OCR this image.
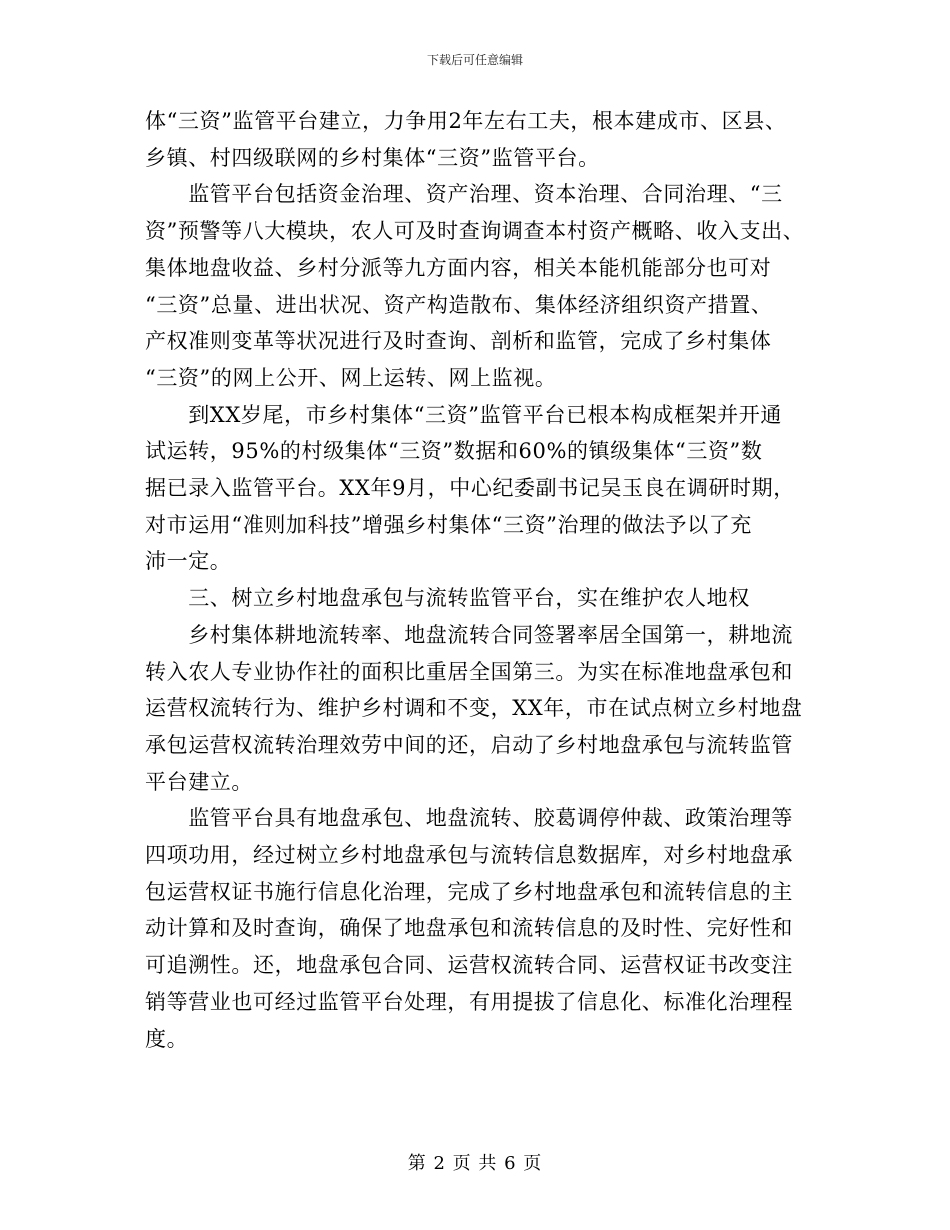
下载后可任意编辑

体“三资”监管平台建立，力争用2年左右工夫，根本建成市、区县、
乡镇、村四级联网的乡村集体“三资”监管平台。

　　监管平台包括资金治理、资产治理、资本治理、合同治理、“三
资”预警等八大模块，农人可及时查询调查本村资产概略、收入支出、
集体地盘收益、乡村分派等九方面内容，相关本能机能部分也可对
“三资”总量、进出状况、资产构造散布、集体经济组织资产措置、
产权准则变革等状况进行及时查询、剖析和监管，完成了乡村集体
“三资”的网上公开、网上运转、网上监视。

　　到XX岁尾，市乡村集体“三资”监管平台已根本构成框架并开通
试运转，95%的村级集体“三资”数据和60%的镇级集体“三资”数
据已录入监管平台。XX年9月，中心纪委副书记吴玉良在调研时期，
对市运用“准则加科技”增强乡村集体“三资”治理的做法予以了充
沛一定。

　　三、树立乡村地盘承包与流转监管平台，实在维护农人地权

　　乡村集体耕地流转率、地盘流转合同签署率居全国第一，耕地流
转入农人专业协作社的面积比重居全国第三。为实在标准地盘承包和
运营权流转行为、维护乡村调和不变，XX年，市在试点树立乡村地盘
承包运营权流转治理效劳中间的还，启动了乡村地盘承包与流转监管
平台建立。

　　监管平台具有地盘承包、地盘流转、胶葛调停仲裁、政策治理等
四项功用，经过树立乡村地盘承包与流转信息数据库，对乡村地盘承
包运营权证书施行信息化治理，完成了乡村地盘承包和流转信息的主
动计算和及时查询，确保了地盘承包和流转信息的及时性、完好性和
可追溯性。还，地盘承包合同、运营权流转合同、运营权证书改变注
销等营业也可经过监管平台处理，有用提拔了信息化、标准化治理程
度。

第 2 页 共 6 页
